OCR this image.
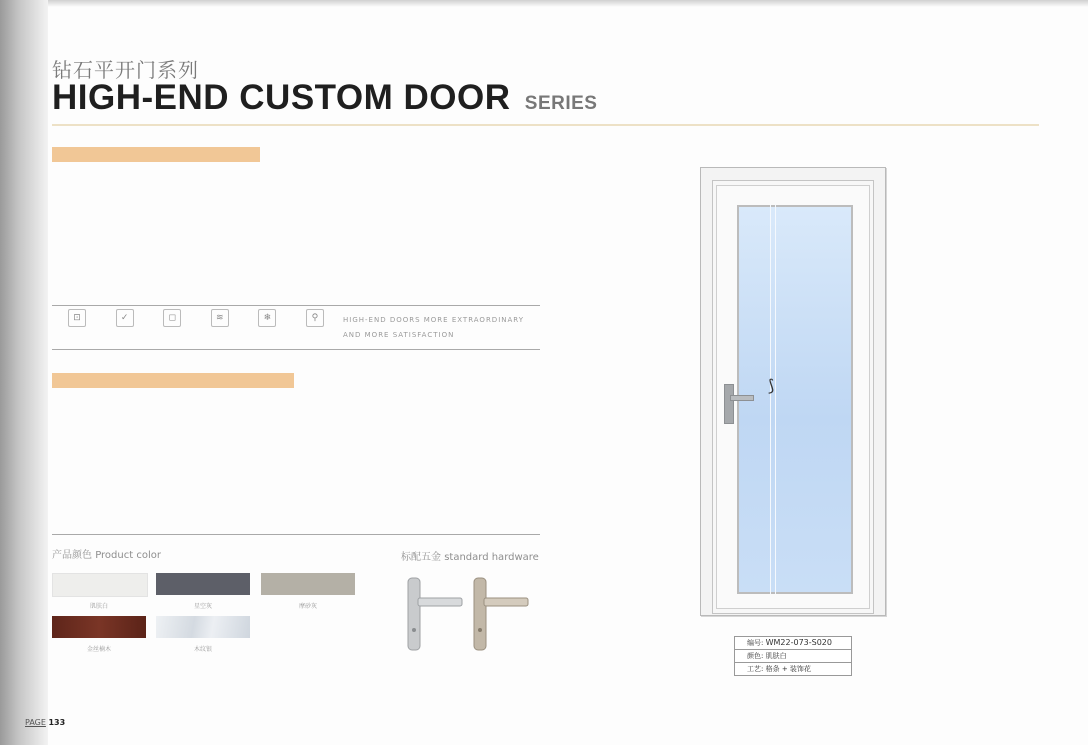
钻石平开门系列
HIGH-END CUSTOM DOOR SERIES

⊡	✓	◻	≋	❄	⚲	HIGH-END DOORS MORE EXTRAORDINARY
AND MORE SATISFACTION

产品颜色 Product color
肌肤白	星空灰	摩砂灰
金丝楠木	木纹银
标配五金 standard hardware

⟆
编号: WM22-073-S020
颜色: 肌肤白
工艺: 格条 + 装饰花
PAGE 133
